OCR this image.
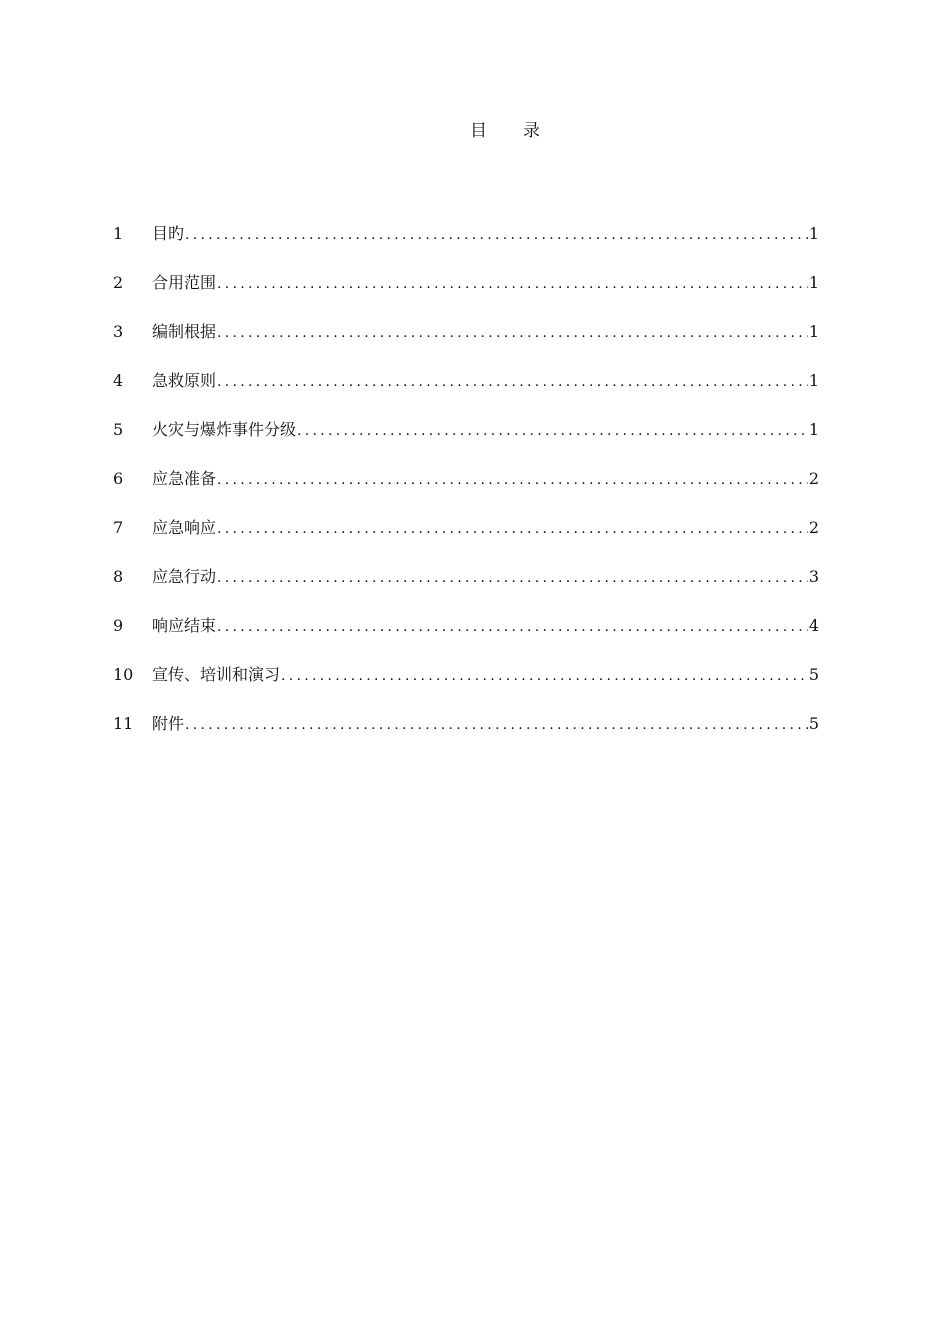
目 录
1	目旳 .....	1
2	合用范围 .....	1
3	编制根据 .....	1
4	急救原则 .....	1
5	火灾与爆炸事件分级 .....	1
6	应急准备 .....	2
7	应急响应 .....	2
8	应急行动 .....	3
9	响应结束 .....	4
10	宣传、培训和演习 .....	5
11	附件 .....	5
